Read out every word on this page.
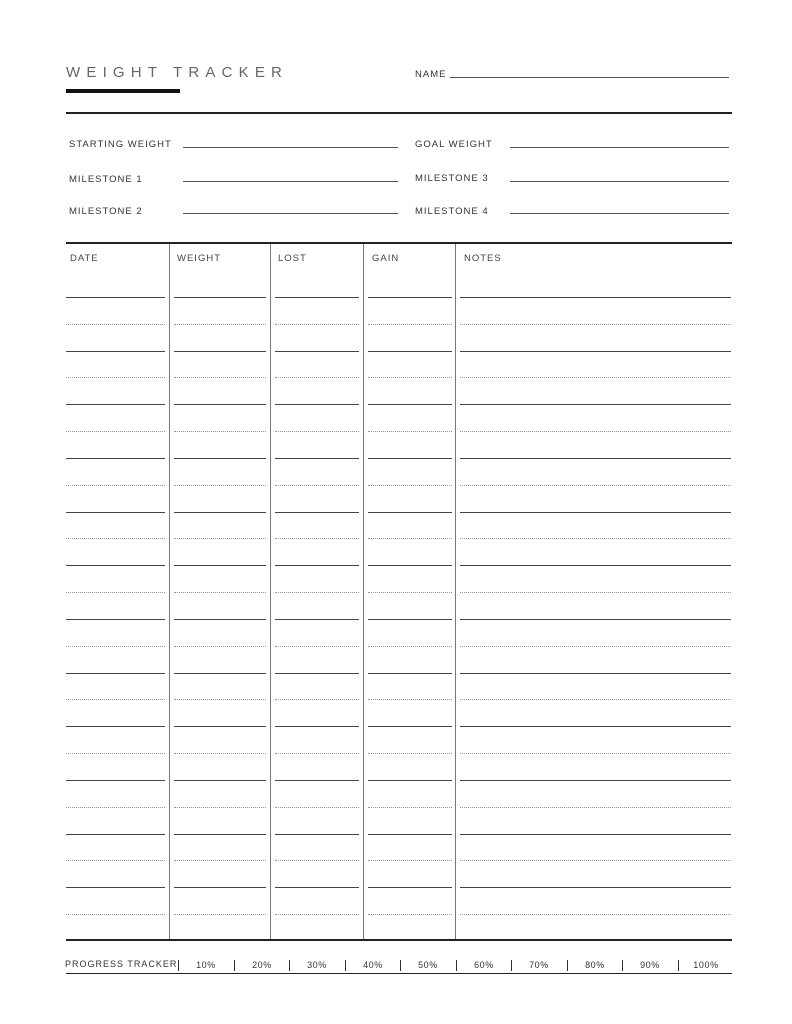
WEIGHT TRACKER	NAME
STARTING WEIGHT	GOAL WEIGHT
MILESTONE 1	MILESTONE 3
MILESTONE 2	MILESTONE 4
DATE	WEIGHT	LOST	GAIN	NOTES
PROGRESS TRACKER	10%	20%	30%	40%	50%	60%	70%	80%	90%	100%
